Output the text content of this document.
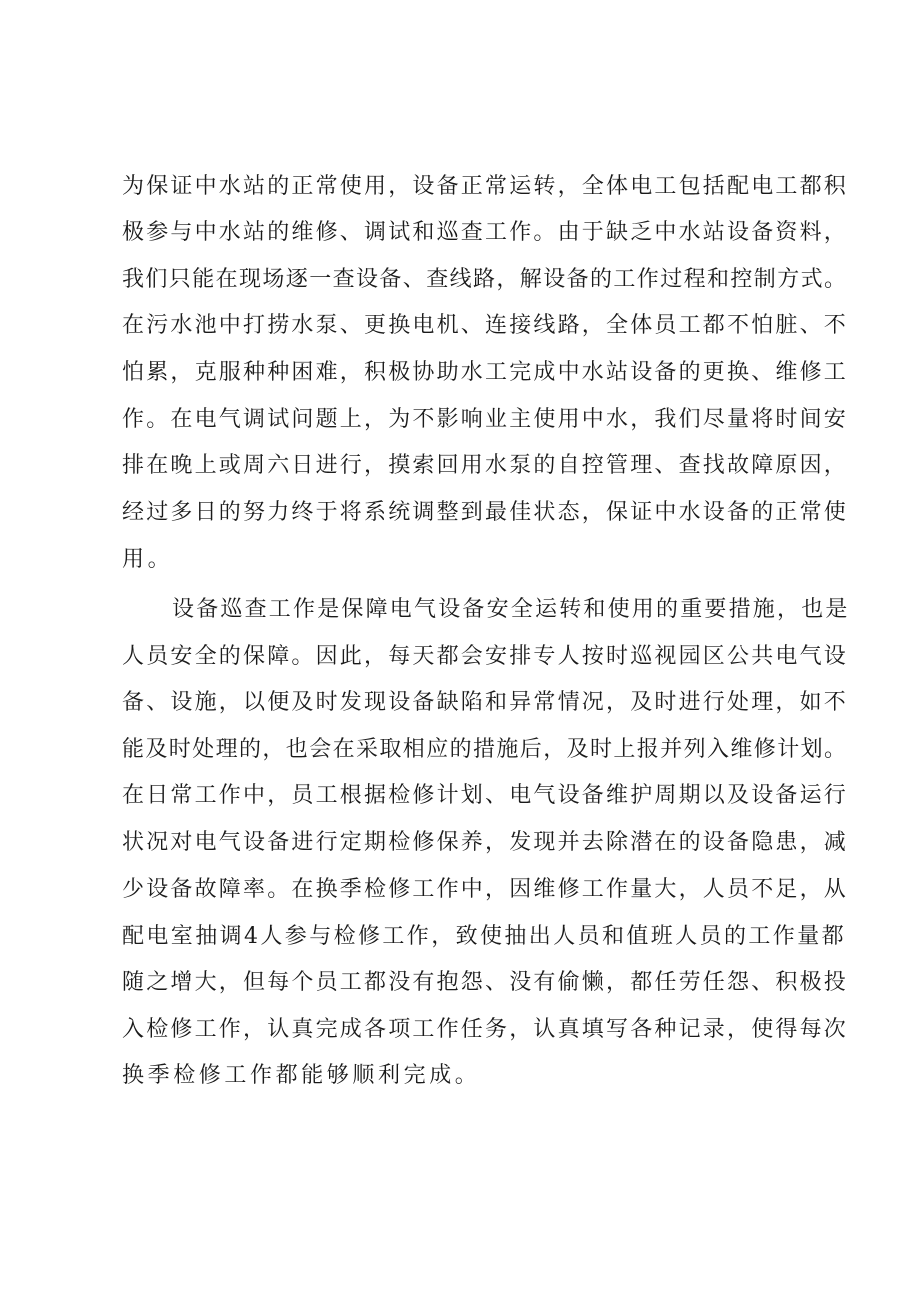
为保证中水站的正常使用，设备正常运转，全体电工包括配电工都积
极参与中水站的维修、调试和巡查工作。由于缺乏中水站设备资料，
我们只能在现场逐一查设备、查线路，解设备的工作过程和控制方式。
在污水池中打捞水泵、更换电机、连接线路，全体员工都不怕脏、不
怕累，克服种种困难，积极协助水工完成中水站设备的更换、维修工
作。在电气调试问题上，为不影响业主使用中水，我们尽量将时间安
排在晚上或周六日进行，摸索回用水泵的自控管理、查找故障原因，
经过多日的努力终于将系统调整到最佳状态，保证中水设备的正常使
用。
设备巡查工作是保障电气设备安全运转和使用的重要措施，也是
人员安全的保障。因此，每天都会安排专人按时巡视园区公共电气设
备、设施，以便及时发现设备缺陷和异常情况，及时进行处理，如不
能及时处理的，也会在采取相应的措施后，及时上报并列入维修计划。
在日常工作中，员工根据检修计划、电气设备维护周期以及设备运行
状况对电气设备进行定期检修保养，发现并去除潜在的设备隐患，减
少设备故障率。在换季检修工作中，因维修工作量大，人员不足，从
配电室抽调4人参与检修工作，致使抽出人员和值班人员的工作量都
随之增大，但每个员工都没有抱怨、没有偷懒，都任劳任怨、积极投
入检修工作，认真完成各项工作任务，认真填写各种记录，使得每次
换季检修工作都能够顺利完成。
